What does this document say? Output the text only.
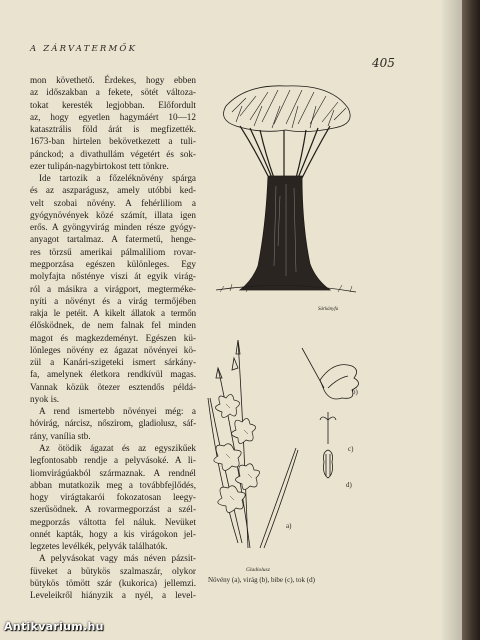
A ZÁRVATERMŐK
405
mon követhető. Érdekes, hogy ebben
az időszakban a fekete, sötét változa-
tokat keresték legjobban. Előfordult
az, hogy egyetlen hagymáért 10—12
katasztrális föld árát is megfizették.
1673-ban hirtelen bekövetkezett a tuli-
pánckod; a divathullám végetért és sok-
ezer tulipán-nagybirtokost tett tönkre.
Ide tartozik a főzeléknövény spárga
és az aszparágusz, amely utóbbi ked-
velt szobai növény. A fehérliliom a
gyógynövények közé számít, illata igen
erős. A gyöngyvirág minden része gyógy-
anyagot tartalmaz. A fatermetű, henge-
res törzsű amerikai pálmaliliom rovar-
megporzása egészen különleges. Egy
molyfajta nősténye viszi át egyik virág-
ról a másikra a virágport, megterméke-
nyíti a növényt és a virág termőjében
rakja le petéit. A kikelt állatok a termőn
élősködnek, de nem falnak fel minden
magot és magkezdeményt. Egészen kü-
lönleges növény ez ágazat növényei kö-
zül a Kanári-szigeteki ismert sárkány-
fa, amelynek életkora rendkívül magas.
Vannak közük ötezer esztendős példá-
nyok is.
A rend ismertebb növényei még: a
hóvirág, nárcisz, nőszirom, gladiolusz, sáf-
rány, vanília stb.
Az ötödik ágazat és az egyszikűek
legfontosabb rendje a pelyvásoké. A li-
liomvirágúakból származnak. A rendnél
abban mutatkozik meg a továbbfejlődés,
hogy virágtakarói fokozatosan leegy-
szerűsödnek. A rovarmegporzást a szél-
megporzás váltotta fel náluk. Nevüket
onnét kapták, hogy a kis virágokon jel-
legzetes levélkék, pelyvák találhatók.
A pelyvásokat vagy más néven pázsit-
füveket a bütykös szalmaszár, olykor
bütykös tömött szár (kukorica) jellemzi.
Leveleikről hiányzik a nyél, a level-
Sárkányfa
b)
c)
d)
a)
Gladiolusz
Növény (a), virág (b), bibe (c), tok (d)
Antikvarium.hu
